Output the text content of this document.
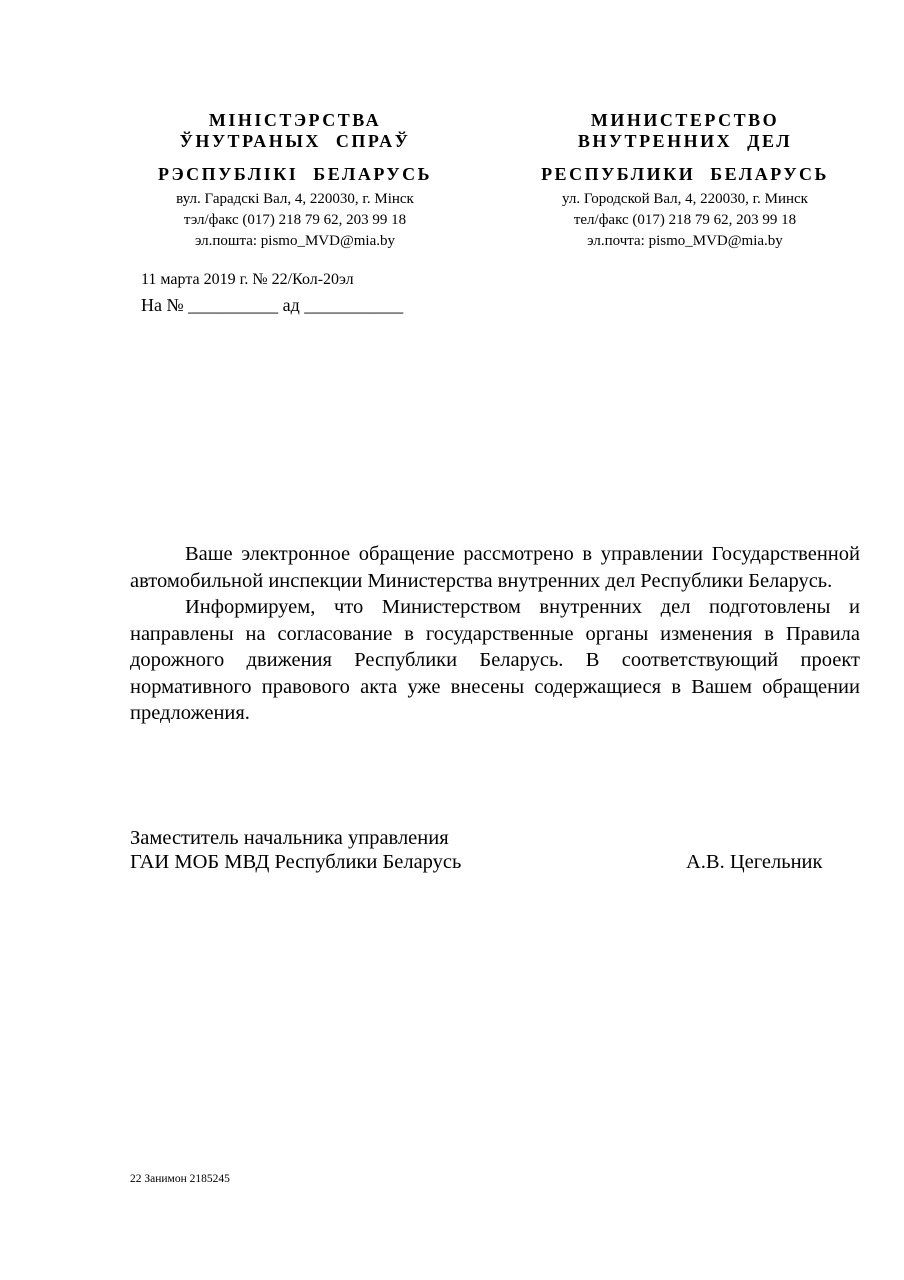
МІНІСТЭРСТВА
ЎНУТРАНЫХ СПРАЎ
РЭСПУБЛІКІ БЕЛАРУСЬ
вул. Гарадскі Вал, 4, 220030, г. Мінск
тэл/факс (017) 218 79 62, 203 99 18
эл.пошта: pismo_MVD@mia.by
МИНИСТЕРСТВО
ВНУТРЕННИХ ДЕЛ
РЕСПУБЛИКИ БЕЛАРУСЬ
ул. Городской Вал, 4, 220030, г. Минск
тел/факс (017) 218 79 62, 203 99 18
эл.почта: pismo_MVD@mia.by
11 марта 2019 г. № 22/Кол-20эл
На № __________ ад ___________

Ваше электронное обращение рассмотрено в управлении Государственной автомобильной инспекции Министерства внутренних дел Республики Беларусь.

Информируем, что Министерством внутренних дел подготовлены и направлены на согласование в государственные органы изменения в Правила дорожного движения Республики Беларусь. В соответствующий проект нормативного правового акта уже внесены содержащиеся в Вашем обращении предложения.

Заместитель начальника управления
ГАИ МОБ МВД Республики Беларусь	А.В. Цегельник
22 Занимон 2185245
